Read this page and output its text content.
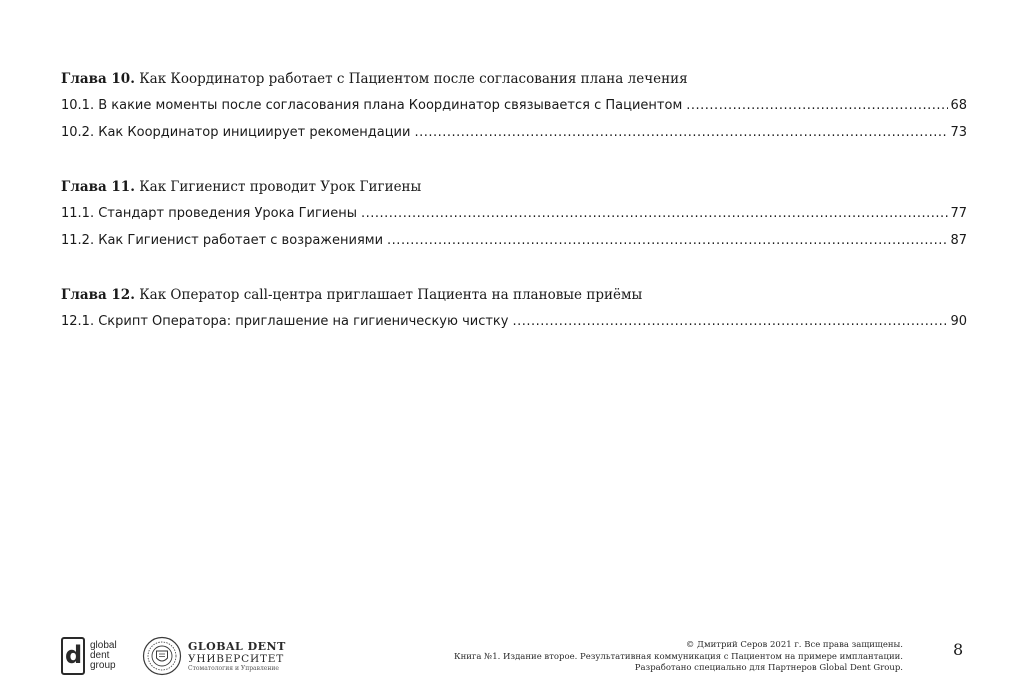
Глава 10. Как Координатор работает с Пациентом после согласования плана лечения
10.1. В какие моменты после согласования плана Координатор связывается с Пациентом .....	68
10.2. Как Координатор инициирует рекомендации .....	73
Глава 11. Как Гигиенист проводит Урок Гигиены
11.1. Стандарт проведения Урока Гигиены .....	77
11.2. Как Гигиенист работает с возражениями .....	87
Глава 12. Как Оператор call-центра приглашает Пациента на плановые приёмы
12.1. Скрипт Оператора: приглашение на гигиеническую чистку .....	90
d global
dent
group
GLOBAL DENT
УНИВЕРСИТЕТ
Стоматология и Управление
© Дмитрий Серов 2021 г. Все права защищены.
Книга №1. Издание второе. Результативная коммуникация с Пациентом на примере имплантации.
Разработано специально для Партнеров Global Dent Group.
8
